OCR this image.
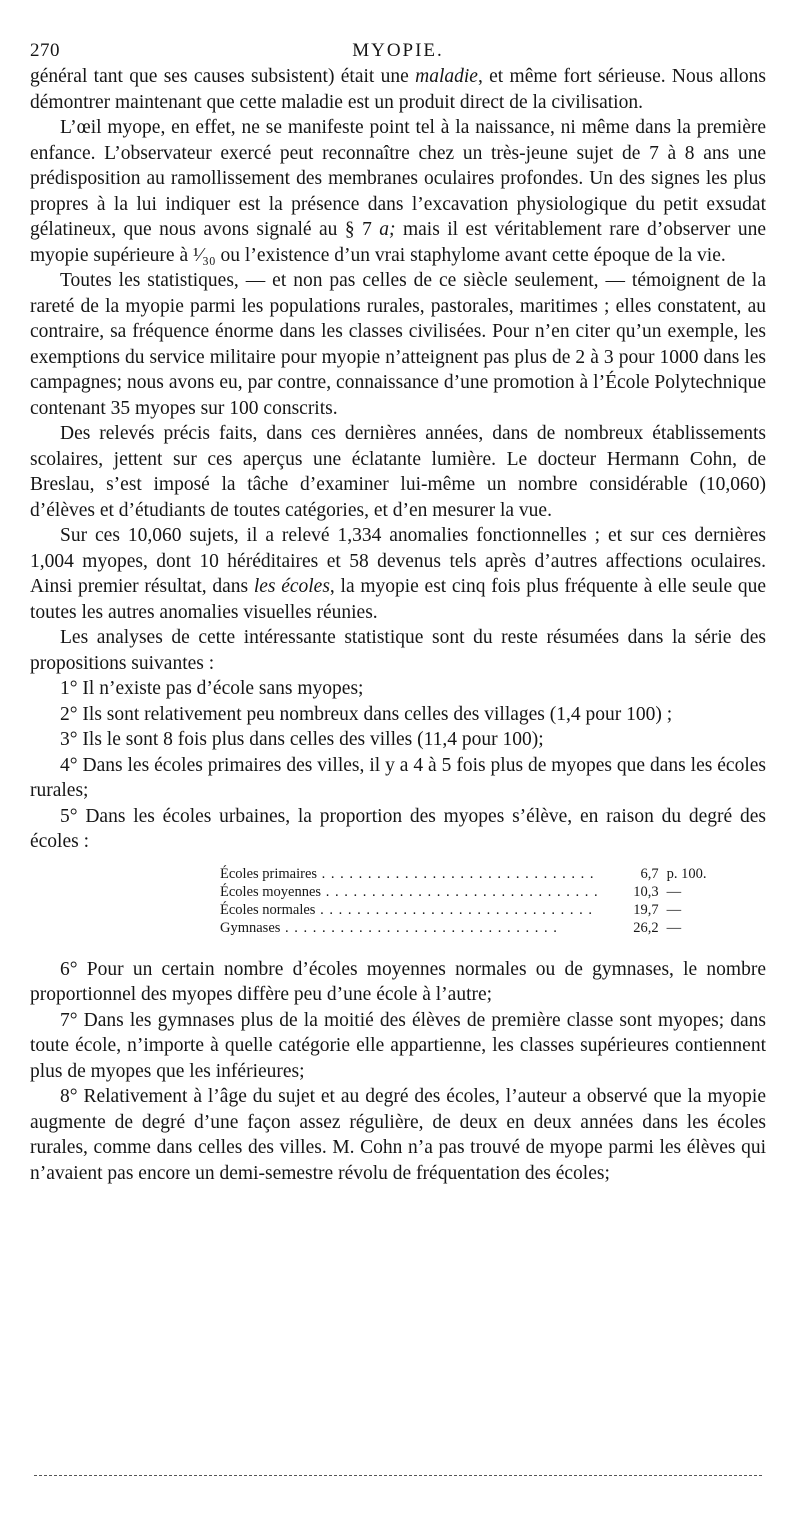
270	MYOPIE.

général tant que ses causes subsistent) était une maladie, et même fort sérieuse. Nous allons démontrer maintenant que cette maladie est un produit direct de la civilisation.

L’œil myope, en effet, ne se manifeste point tel à la naissance, ni même dans la première enfance. L’observateur exercé peut reconnaître chez un très-jeune sujet de 7 à 8 ans une prédisposition au ramollissement des membranes oculaires profondes. Un des signes les plus propres à la lui indiquer est la présence dans l’excavation physiologique du petit exsudat gélatineux, que nous avons signalé au § 7 a; mais il est véritablement rare d’observer une myopie supérieure à ¹⁄₃₀ ou l’existence d’un vrai staphylome avant cette époque de la vie.

Toutes les statistiques, — et non pas celles de ce siècle seulement, — témoignent de la rareté de la myopie parmi les populations rurales, pastorales, maritimes ; elles constatent, au contraire, sa fréquence énorme dans les classes civilisées. Pour n’en citer qu’un exemple, les exemptions du service militaire pour myopie n’atteignent pas plus de 2 à 3 pour 1000 dans les campagnes; nous avons eu, par contre, connaissance d’une promotion à l’École Polytechnique contenant 35 myopes sur 100 conscrits.

Des relevés précis faits, dans ces dernières années, dans de nombreux établissements scolaires, jettent sur ces aperçus une éclatante lumière. Le docteur Hermann Cohn, de Breslau, s’est imposé la tâche d’examiner lui-même un nombre considérable (10,060) d’élèves et d’étudiants de toutes catégories, et d’en mesurer la vue.

Sur ces 10,060 sujets, il a relevé 1,334 anomalies fonctionnelles ; et sur ces dernières 1,004 myopes, dont 10 héréditaires et 58 devenus tels après d’autres affections oculaires. Ainsi premier résultat, dans les écoles, la myopie est cinq fois plus fréquente à elle seule que toutes les autres anomalies visuelles réunies.

Les analyses de cette intéressante statistique sont du reste résumées dans la série des propositions suivantes :

1° Il n’existe pas d’école sans myopes;

2° Ils sont relativement peu nombreux dans celles des villages (1,4 pour 100) ;

3° Ils le sont 8 fois plus dans celles des villes (11,4 pour 100);

4° Dans les écoles primaires des villes, il y a 4 à 5 fois plus de myopes que dans les écoles rurales;

5° Dans les écoles urbaines, la proportion des myopes s’élève, en raison du degré des écoles :

Écoles primaires . . .	6,7	p. 100.
Écoles moyennes . . .	10,3	—
Écoles normales . . .	19,7	—
Gymnases . . .	26,2	—

6° Pour un certain nombre d’écoles moyennes normales ou de gymnases, le nombre proportionnel des myopes diffère peu d’une école à l’autre;

7° Dans les gymnases plus de la moitié des élèves de première classe sont myopes; dans toute école, n’importe à quelle catégorie elle appartienne, les classes supérieures contiennent plus de myopes que les inférieures;

8° Relativement à l’âge du sujet et au degré des écoles, l’auteur a observé que la myopie augmente de degré d’une façon assez régulière, de deux en deux années dans les écoles rurales, comme dans celles des villes. M. Cohn n’a pas trouvé de myope parmi les élèves qui n’avaient pas encore un demi-semestre révolu de fréquentation des écoles;
